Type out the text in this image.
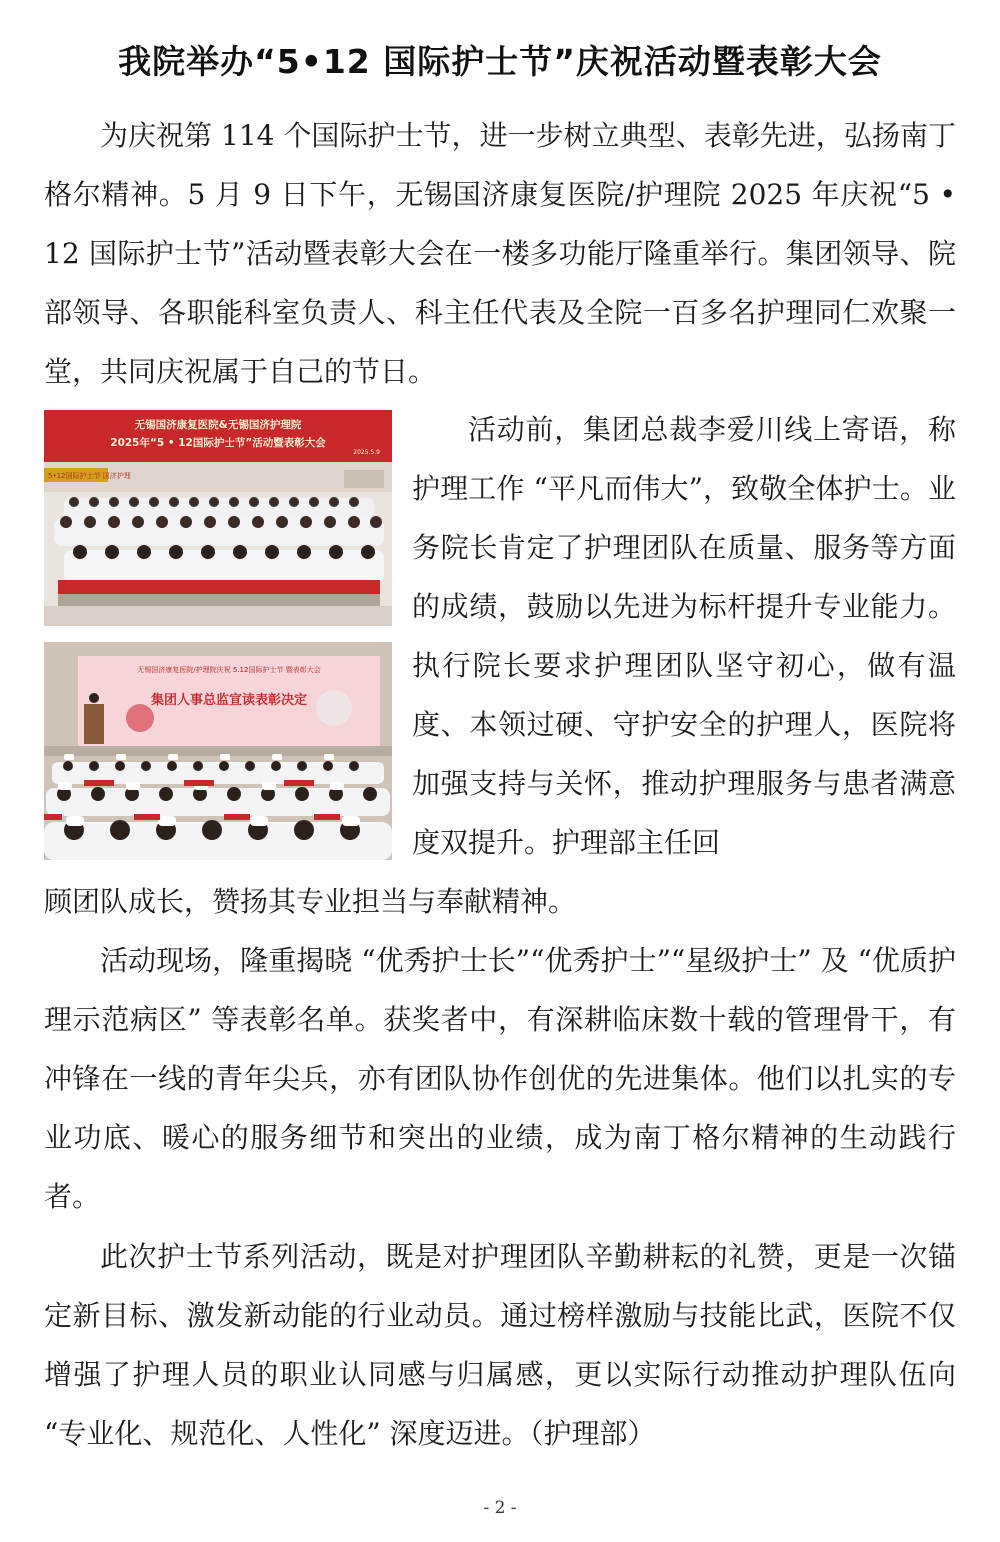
我院举办“5•12 国际护士节”庆祝活动暨表彰大会
为庆祝第 114 个国际护士节，进一步树立典型、表彰先进，弘扬南丁格尔精神。5 月 9 日下午，无锡国济康复医院/护理院 2025 年庆祝“5 • 12 国际护士节”活动暨表彰大会在一楼多功能厅隆重举行。集团领导、院部领导、各职能科室负责人、科主任代表及全院一百多名护理同仁欢聚一堂，共同庆祝属于自己的节日。
无锡国济康复医院&无锡国济护理院
2025年“5 • 12国际护士节”活动暨表彰大会
2025.5.9
5•12国际护士节 国济护理
无锡国济康复医院/护理院庆祝 5.12国际护士节 暨表彰大会
集团人事总监宣读表彰决定
活动前，集团总裁李爱川线上寄语，称护理工作 “平凡而伟大”，致敬全体护士。业务院长肯定了护理团队在质量、服务等方面的成绩，鼓励以先进为标杆提升专业能力。执行院长要求护理团队坚守初心，做有温度、本领过硬、守护安全的护理人，医院将加强支持与关怀，推动护理服务与患者满意度双提升。护理部主任回
顾团队成长，赞扬其专业担当与奉献精神。
活动现场，隆重揭晓 “优秀护士长”“优秀护士”“星级护士” 及 “优质护理示范病区” 等表彰名单。获奖者中，有深耕临床数十载的管理骨干，有冲锋在一线的青年尖兵，亦有团队协作创优的先进集体。他们以扎实的专业功底、暖心的服务细节和突出的业绩，成为南丁格尔精神的生动践行者。
此次护士节系列活动，既是对护理团队辛勤耕耘的礼赞，更是一次锚定新目标、激发新动能的行业动员。通过榜样激励与技能比武，医院不仅增强了护理人员的职业认同感与归属感，更以实际行动推动护理队伍向 “专业化、规范化、人性化” 深度迈进。（护理部）
- 2 -
